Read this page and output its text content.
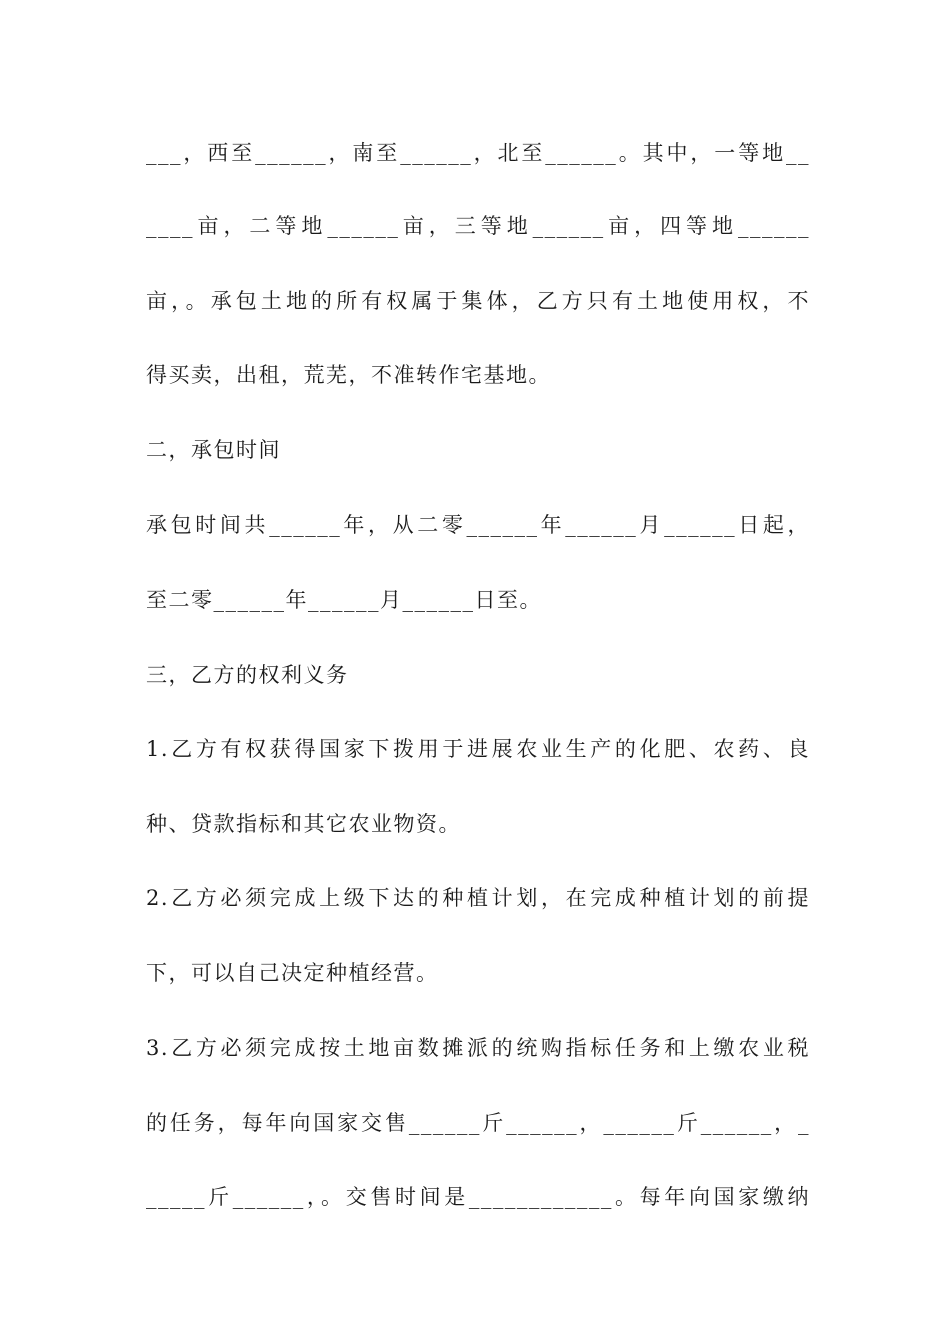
___，西至______，南至______，北至______。其中，一等地__
____亩，二等地______亩，三等地______亩，四等地______
亩，。承包土地的所有权属于集体，乙方只有土地使用权，不
得买卖，出租，荒芜，不准转作宅基地。
二，承包时间
承包时间共______年，从二零______年______月______日起，
至二零______年______月______日至。
三，乙方的权利义务
1.乙方有权获得国家下拨用于进展农业生产的化肥、农药、良
种、贷款指标和其它农业物资。
2.乙方必须完成上级下达的种植计划，在完成种植计划的前提
下，可以自己决定种植经营。
3.乙方必须完成按土地亩数摊派的统购指标任务和上缴农业税
的任务，每年向国家交售______斤______，______斤______，_
_____斤______，。交售时间是____________。每年向国家缴纳
